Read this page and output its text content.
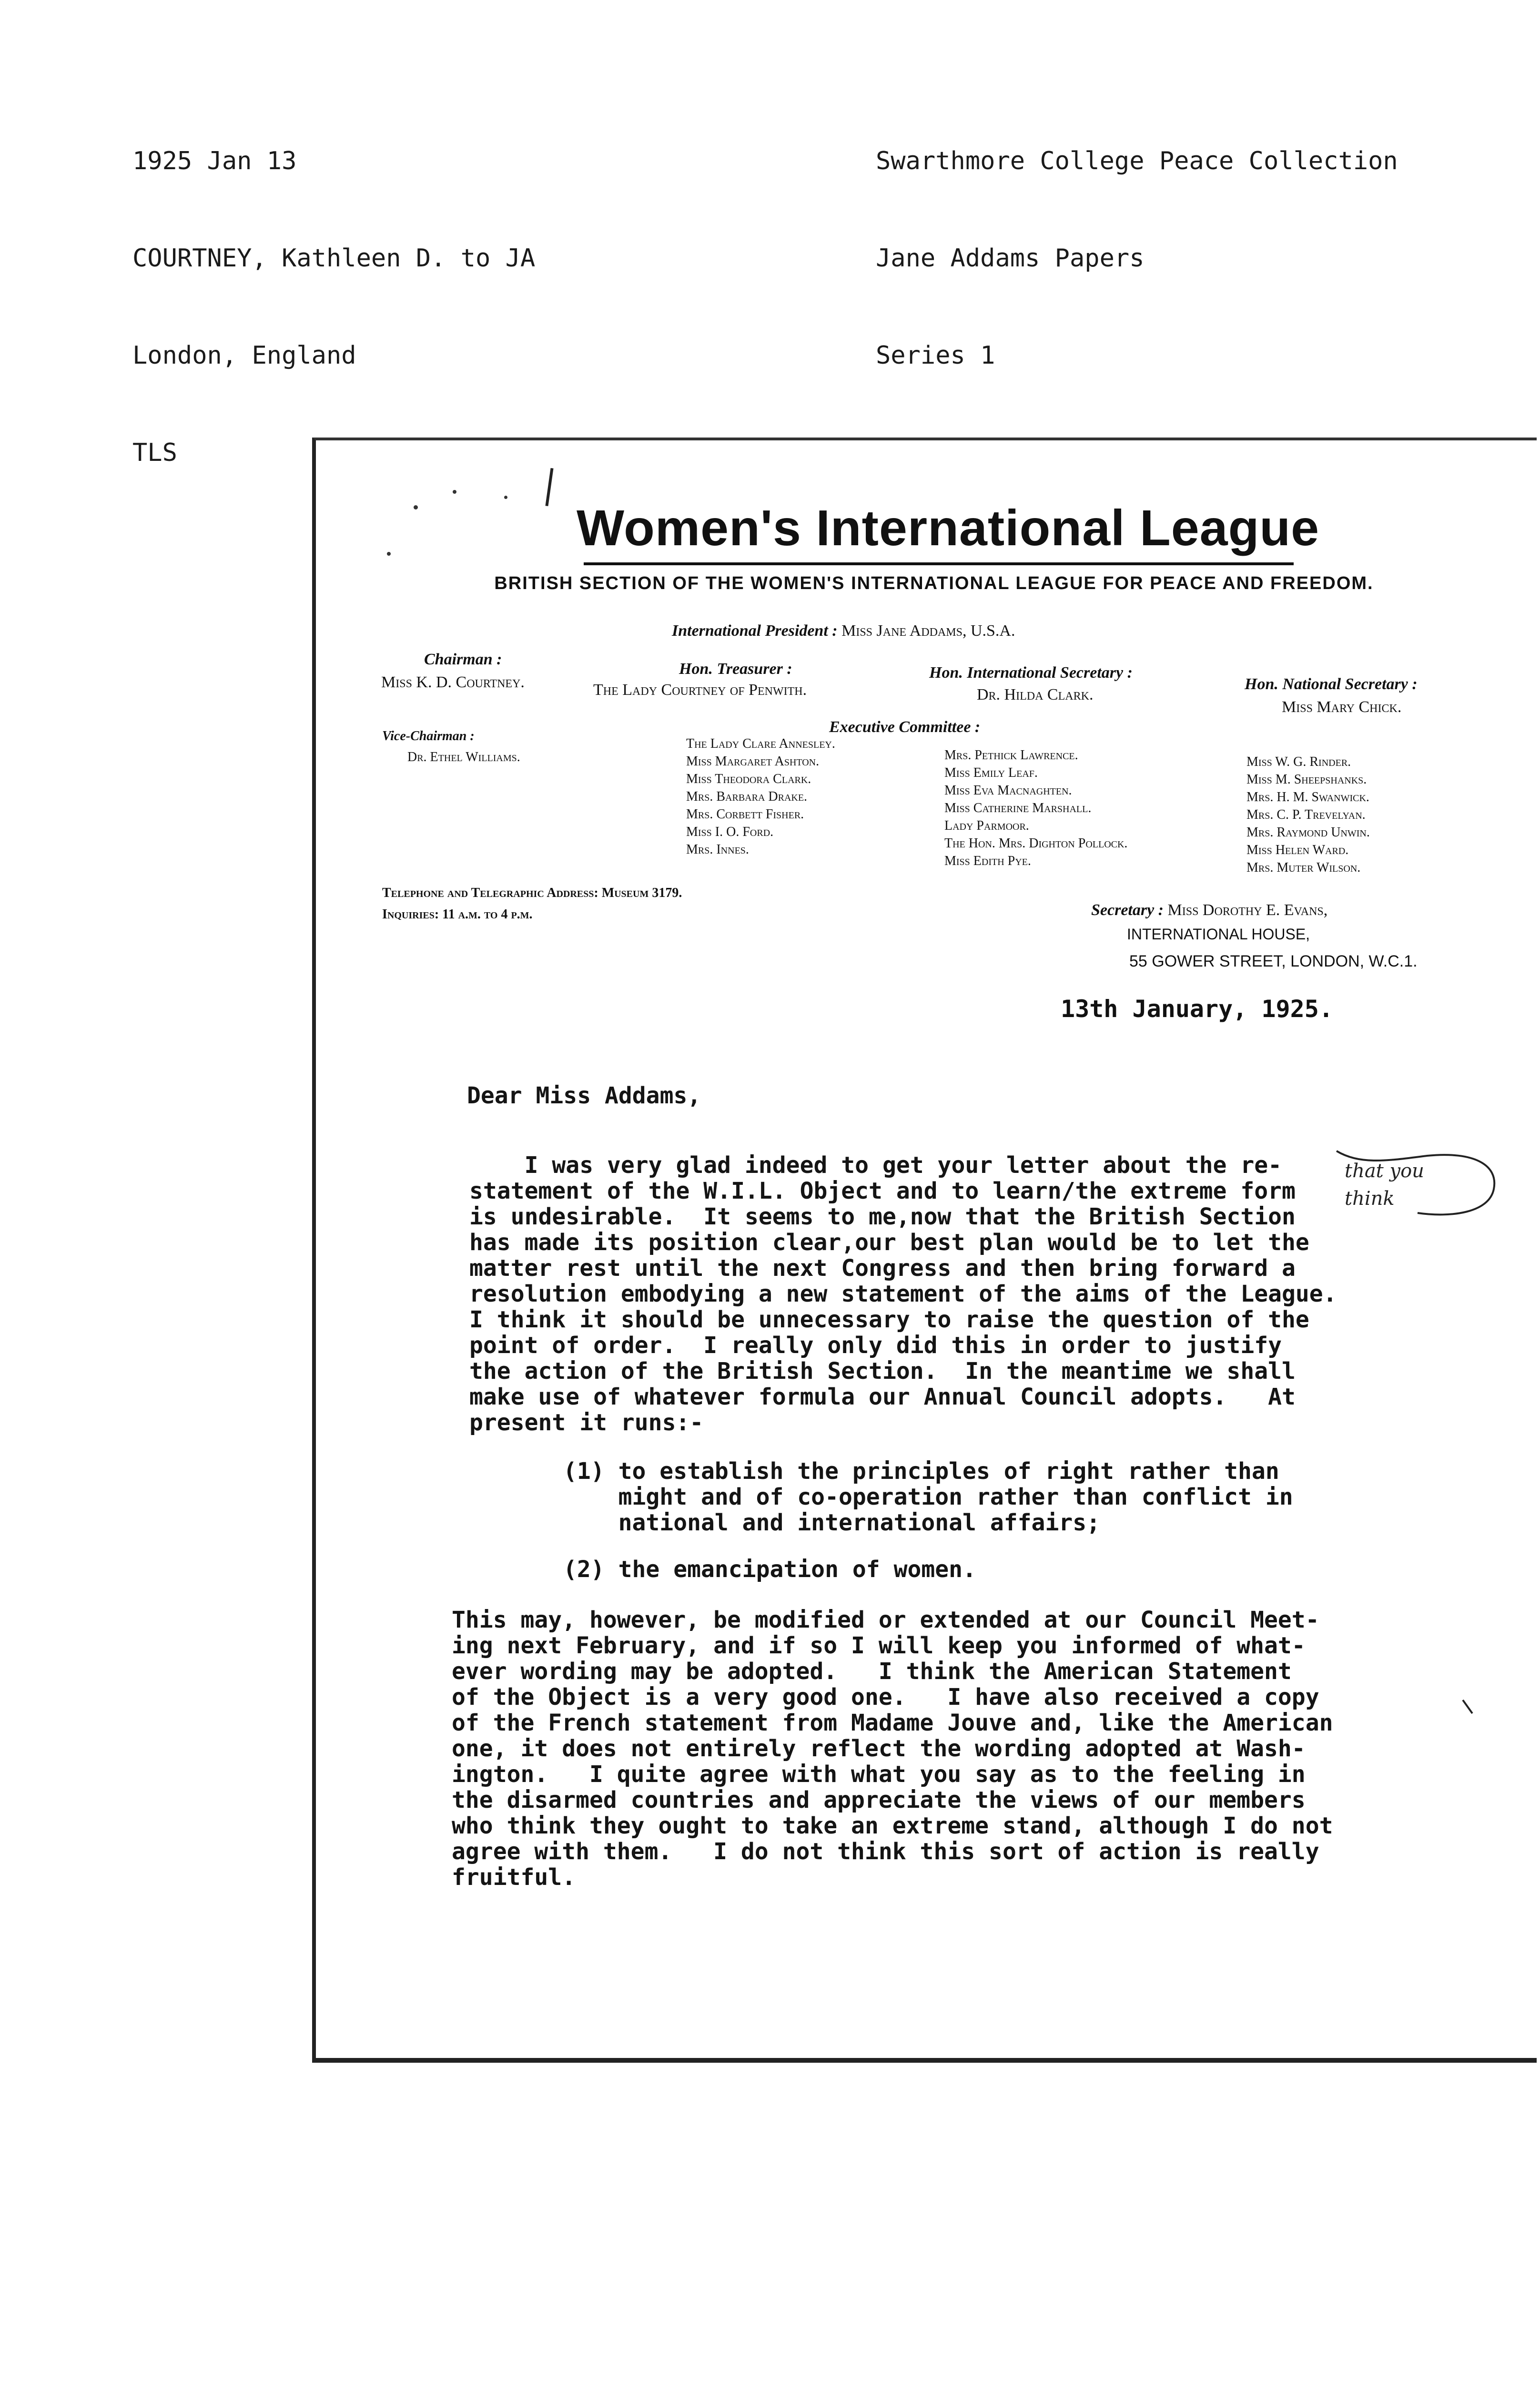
1925 Jan 13

COURTNEY, Kathleen D. to JA

London, England

TLS

Swarthmore College Peace Collection

Jane Addams Papers

Series 1

Women's International League
BRITISH SECTION OF THE WOMEN'S INTERNATIONAL LEAGUE FOR PEACE AND FREEDOM.
International President : Miss Jane Addams, U.S.A.
Chairman :
Miss K. D. Courtney.
Hon. Treasurer :
The Lady Courtney of Penwith.
Hon. International Secretary :
Dr. Hilda Clark.
Hon. National Secretary :
Miss Mary Chick.
Executive Committee :
Vice-Chairman :
Dr. Ethel Williams.
The Lady Clare Annesley.
Miss Margaret Ashton.
Miss Theodora Clark.
Mrs. Barbara Drake.
Mrs. Corbett Fisher.
Miss I. O. Ford.
Mrs. Innes.
Mrs. Pethick Lawrence.
Miss Emily Leaf.
Miss Eva Macnaghten.
Miss Catherine Marshall.
Lady Parmoor.
The Hon. Mrs. Dighton Pollock.
Miss Edith Pye.
Miss W. G. Rinder.
Miss M. Sheepshanks.
Mrs. H. M. Swanwick.
Mrs. C. P. Trevelyan.
Mrs. Raymond Unwin.
Miss Helen Ward.
Mrs. Muter Wilson.
Telephone and Telegraphic Address: Museum 3179.
Inquiries: 11 a.m. to 4 p.m.	Secretary : Miss Dorothy E. Evans,
INTERNATIONAL HOUSE,
55 GOWER STREET, LONDON, W.C.1.
13th January, 1925.
Dear Miss Addams,
I was very glad indeed to get your letter about the re-
statement of the W.I.L. Object and to learn/the extreme form
is undesirable.  It seems to me,now that the British Section
has made its position clear,our best plan would be to let the
matter rest until the next Congress and then bring forward a
resolution embodying a new statement of the aims of the League.
I think it should be unnecessary to raise the question of the
point of order.  I really only did this in order to justify
the action of the British Section.  In the meantime we shall
make use of whatever formula our Annual Council adopts.   At
present it runs:-
(1) to establish the principles of right rather than
might and of co-operation rather than conflict in
national and international affairs;
(2) the emancipation of women.
This may, however, be modified or extended at our Council Meet-
ing next February, and if so I will keep you informed of what-
ever wording may be adopted.   I think the American Statement
of the Object is a very good one.   I have also received a copy
of the French statement from Madame Jouve and, like the American
one, it does not entirely reflect the wording adopted at Wash-
ington.   I quite agree with what you say as to the feeling in
the disarmed countries and appreciate the views of our members
who think they ought to take an extreme stand, although I do not
agree with them.   I do not think this sort of action is really
fruitful.
that you
think
